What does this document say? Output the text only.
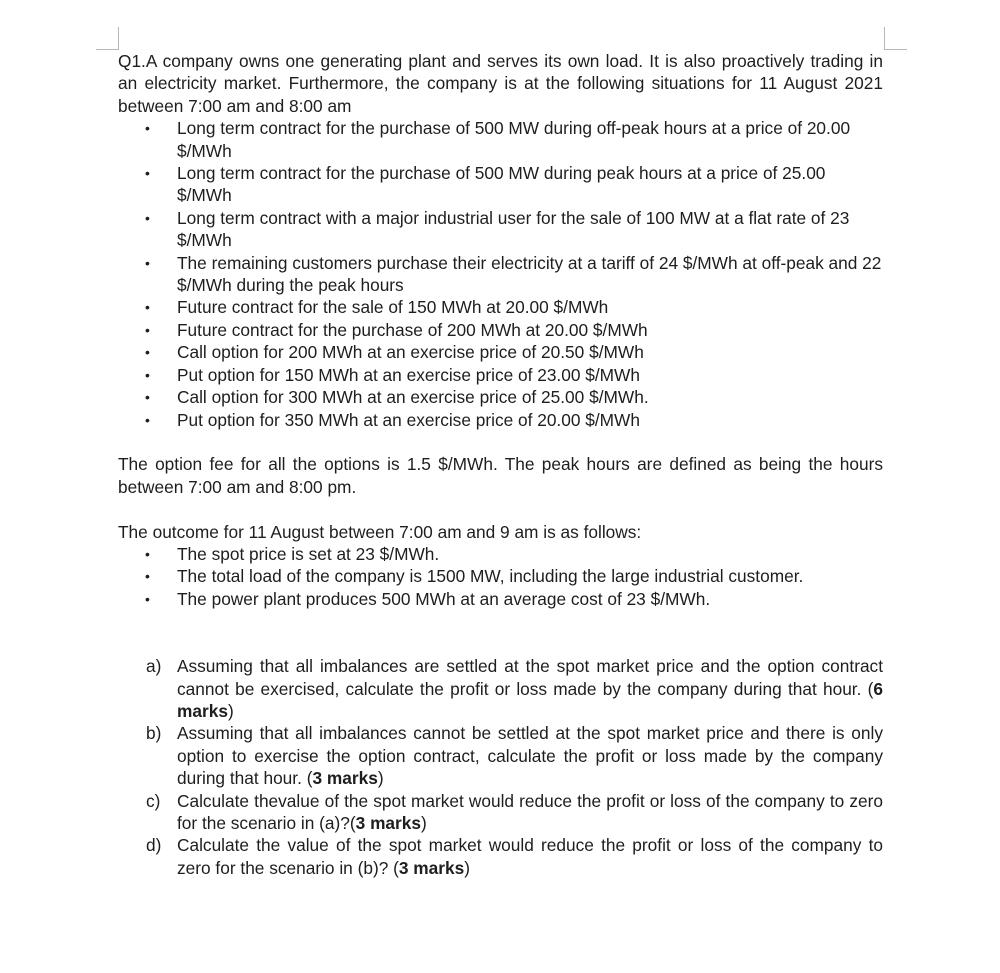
Q1.A company owns one generating plant and serves its own load. It is also proactively trading in an electricity market. Furthermore, the company is at the following situations for 11 August 2021 between 7:00 am and 8:00 am

• Long term contract for the purchase of 500 MW during off-peak hours at a price of 20.00 $/MWh
• Long term contract for the purchase of 500 MW during peak hours at a price of 25.00 $/MWh
• Long term contract with a major industrial user for the sale of 100 MW at a flat rate of 23 $/MWh
• The remaining customers purchase their electricity at a tariff of 24 $/MWh at off-peak and 22 $/MWh during the peak hours
• Future contract for the sale of 150 MWh at 20.00 $/MWh
• Future contract for the purchase of 200 MWh at 20.00 $/MWh
• Call option for 200 MWh at an exercise price of 20.50 $/MWh
• Put option for 150 MWh at an exercise price of 23.00 $/MWh
• Call option for 300 MWh at an exercise price of 25.00 $/MWh.
• Put option for 350 MWh at an exercise price of 20.00 $/MWh

The option fee for all the options is 1.5 $/MWh. The peak hours are defined as being the hours between 7:00 am and 8:00 pm.

The outcome for 11 August between 7:00 am and 9 am is as follows:

• The spot price is set at 23 $/MWh.
• The total load of the company is 1500 MW, including the large industrial customer.
• The power plant produces 500 MWh at an average cost of 23 $/MWh.
a) Assuming that all imbalances are settled at the spot market price and the option contract cannot be exercised, calculate the profit or loss made by the company during that hour. (6 marks)
b) Assuming that all imbalances cannot be settled at the spot market price and there is only option to exercise the option contract, calculate the profit or loss made by the company during that hour. (3 marks)
c) Calculate thevalue of the spot market would reduce the profit or loss of the company to zero for the scenario in (a)?(3 marks)
d) Calculate the value of the spot market would reduce the profit or loss of the company to zero for the scenario in (b)? (3 marks)
